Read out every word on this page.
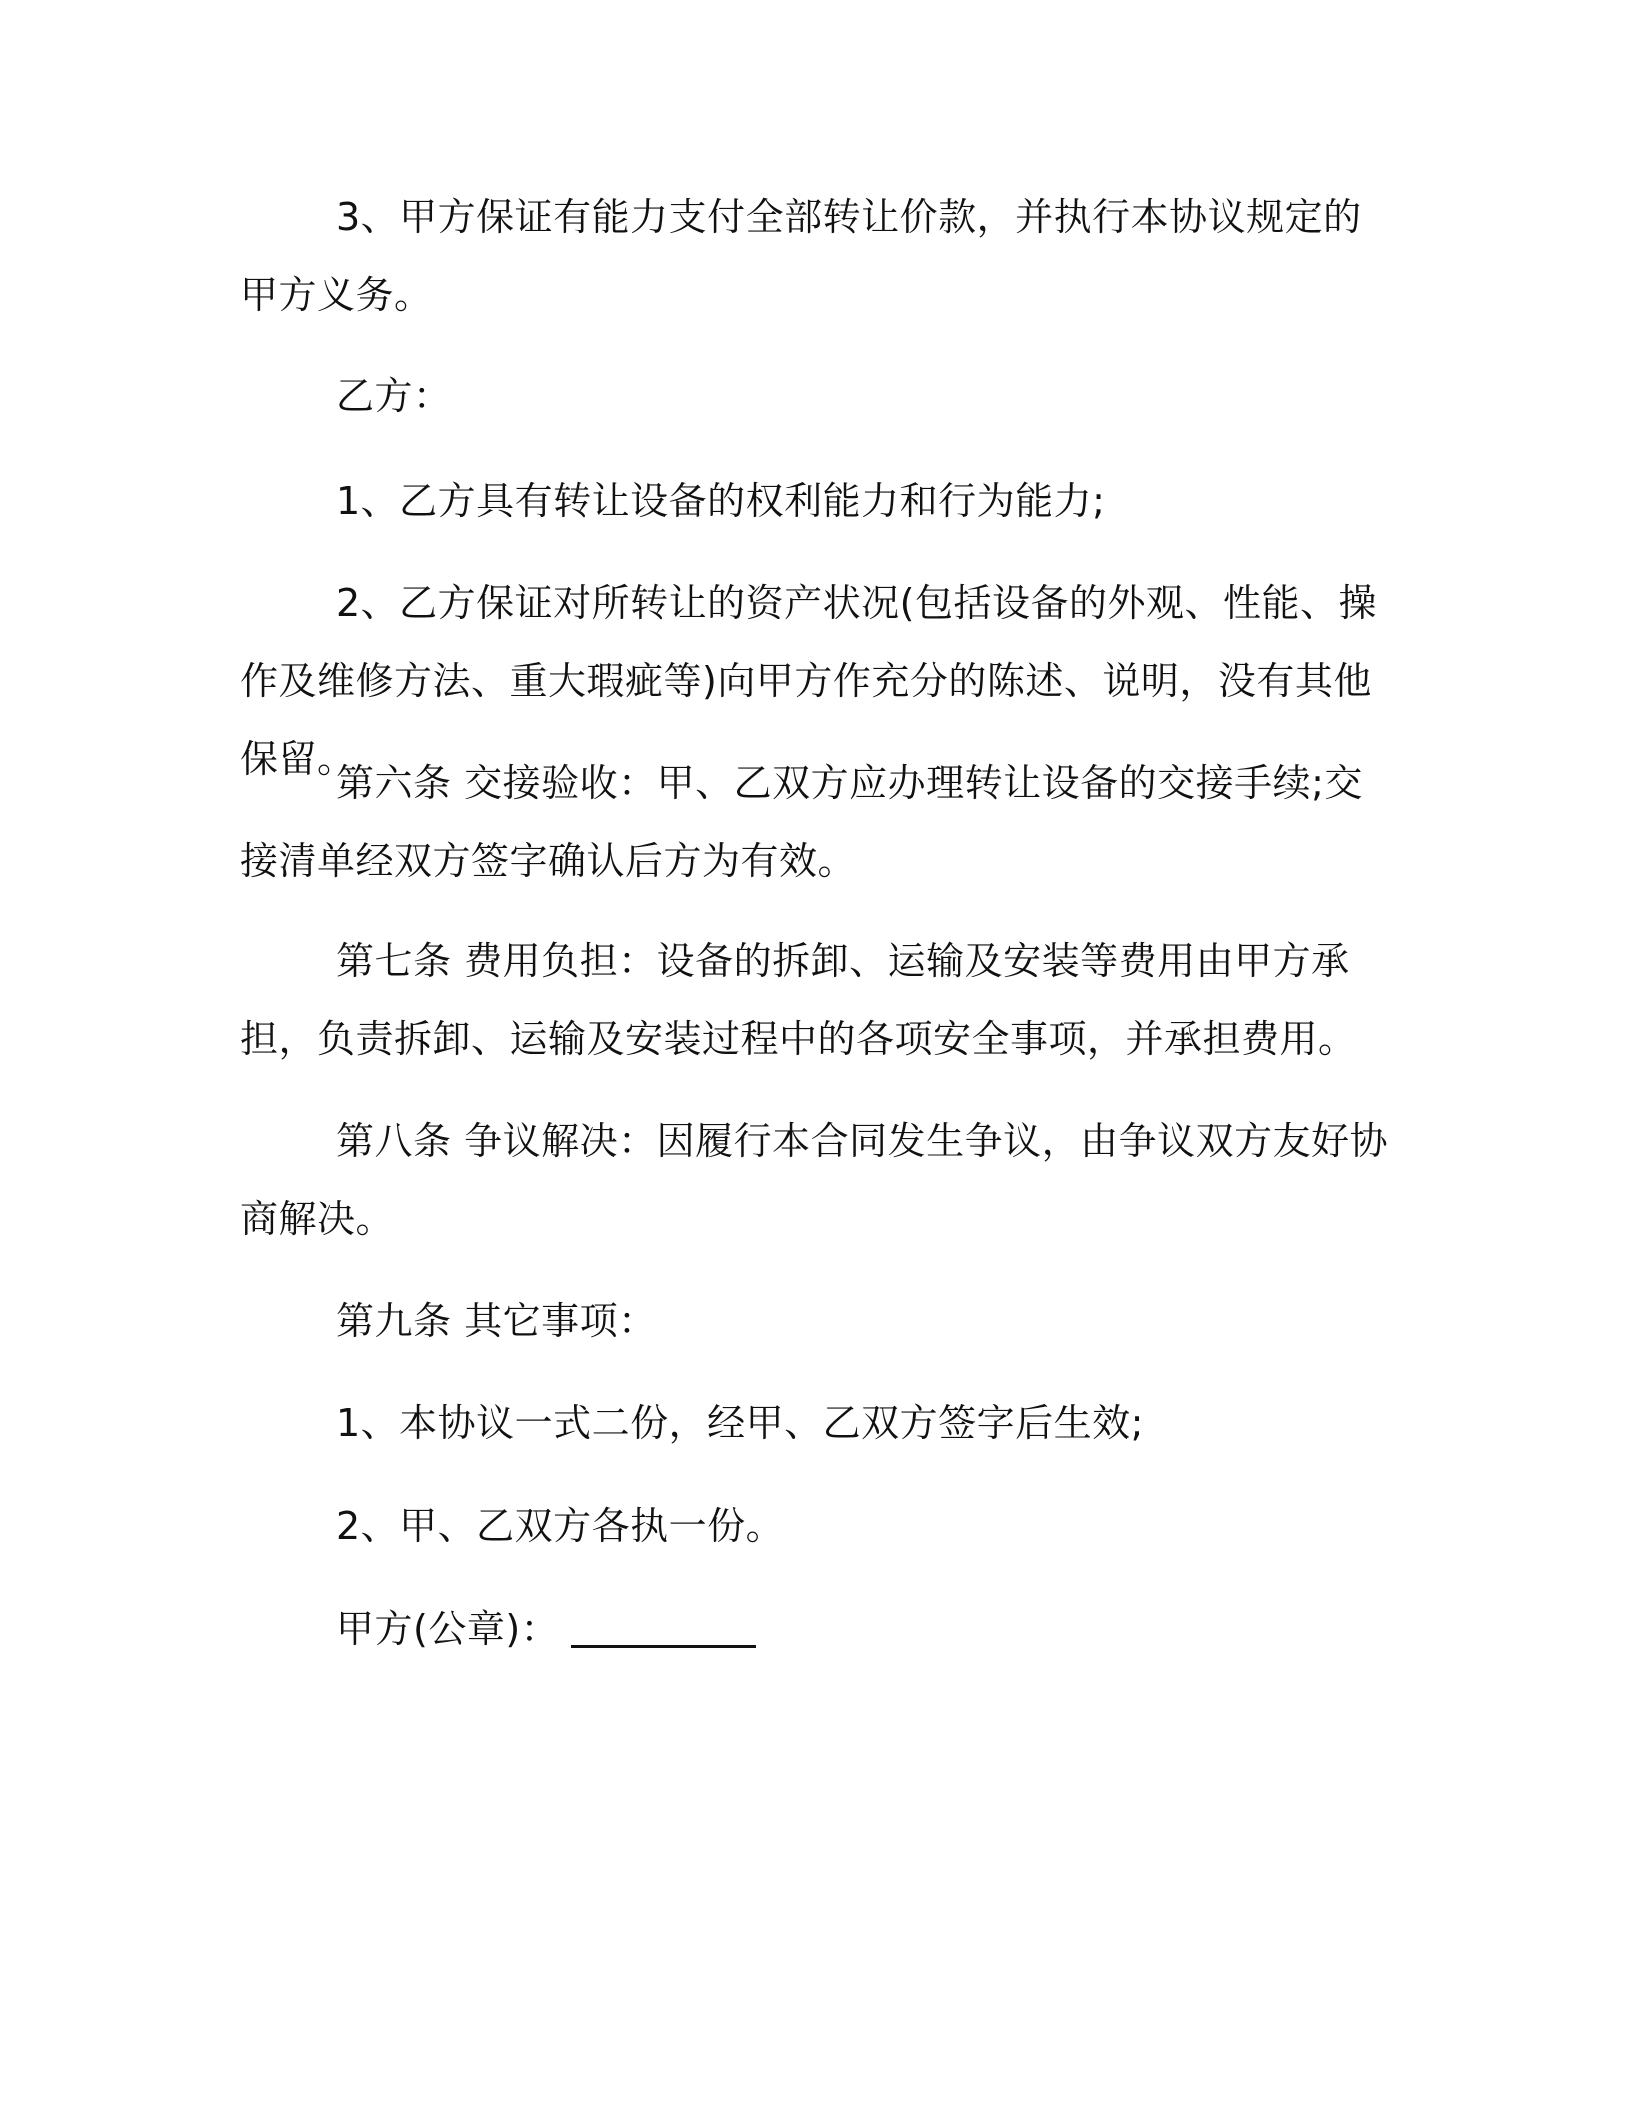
3、甲方保证有能力支付全部转让价款，并执行本协议规定的甲方义务。

乙方：

1、乙方具有转让设备的权利能力和行为能力;

2、乙方保证对所转让的资产状况(包括设备的外观、性能、操作及维修方法、重大瑕疵等)向甲方作充分的陈述、说明，没有其他保留。

第六条 交接验收：甲、乙双方应办理转让设备的交接手续;交接清单经双方签字确认后方为有效。

第七条 费用负担：设备的拆卸、运输及安装等费用由甲方承担，负责拆卸、运输及安装过程中的各项安全事项，并承担费用。

第八条 争议解决：因履行本合同发生争议，由争议双方友好协商解决。

第九条 其它事项：

1、本协议一式二份，经甲、乙双方签字后生效;

2、甲、乙双方各执一份。

甲方(公章)：
